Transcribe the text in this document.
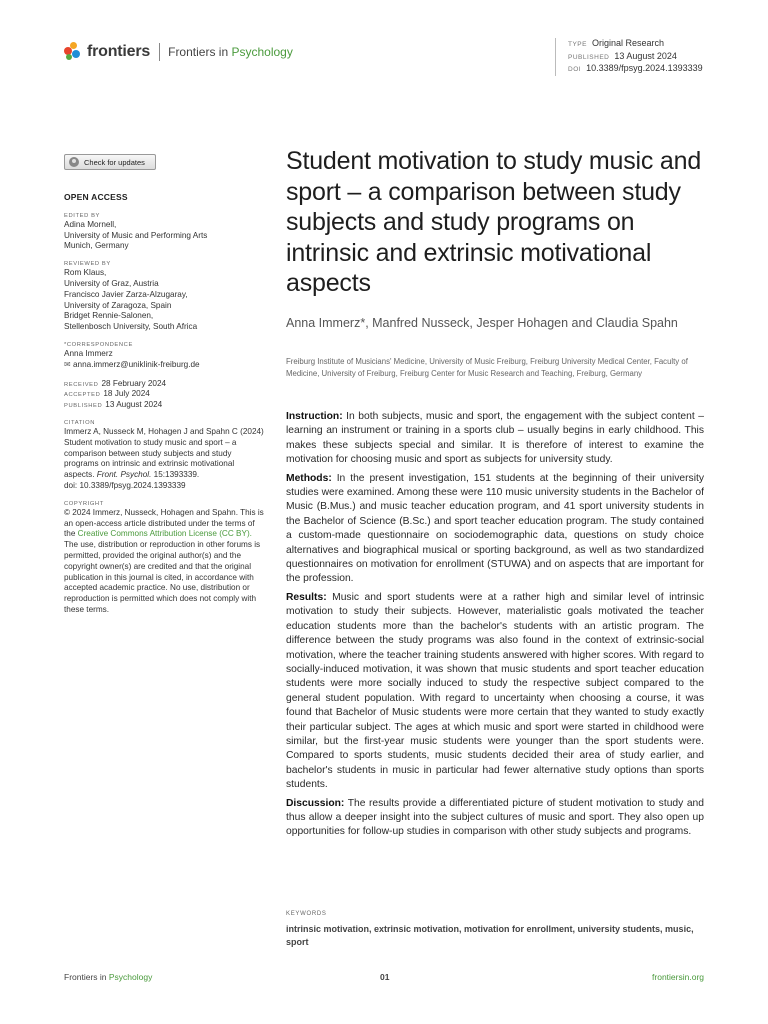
frontiers Frontiers in Psychology
TYPE Original Research
PUBLISHED 13 August 2024
DOI 10.3389/fpsyg.2024.1393339
Check for updates
OPEN ACCESS
EDITED BY
Adina Mornell,
University of Music and Performing Arts
Munich, Germany
REVIEWED BY
Rom Klaus,
University of Graz, Austria
Francisco Javier Zarza-Alzugaray,
University of Zaragoza, Spain
Bridget Rennie-Salonen,
Stellenbosch University, South Africa
*CORRESPONDENCE
Anna Immerz
✉ anna.immerz@uniklinik-freiburg.de
RECEIVED 28 February 2024
ACCEPTED 18 July 2024
PUBLISHED 13 August 2024
CITATION
Immerz A, Nusseck M, Hohagen J and Spahn C (2024) Student motivation to study music and sport – a comparison between study subjects and study programs on intrinsic and extrinsic motivational aspects. Front. Psychol. 15:1393339.
doi: 10.3389/fpsyg.2024.1393339
COPYRIGHT
© 2024 Immerz, Nusseck, Hohagen and Spahn. This is an open-access article distributed under the terms of the Creative Commons Attribution License (CC BY). The use, distribution or reproduction in other forums is permitted, provided the original author(s) and the copyright owner(s) are credited and that the original publication in this journal is cited, in accordance with accepted academic practice. No use, distribution or reproduction is permitted which does not comply with these terms.
Student motivation to study music and sport – a comparison between study subjects and study programs on intrinsic and extrinsic motivational aspects
Anna Immerz*, Manfred Nusseck, Jesper Hohagen and Claudia Spahn
Freiburg Institute of Musicians' Medicine, University of Music Freiburg, Freiburg University Medical Center, Faculty of Medicine, University of Freiburg, Freiburg Center for Music Research and Teaching, Freiburg, Germany

Instruction: In both subjects, music and sport, the engagement with the subject content – learning an instrument or training in a sports club – usually begins in early childhood. This makes these subjects special and similar. It is therefore of interest to examine the motivation for choosing music and sport as subjects for university study.

Methods: In the present investigation, 151 students at the beginning of their university studies were examined. Among these were 110 music university students in the Bachelor of Music (B.Mus.) and music teacher education program, and 41 sport university students in the Bachelor of Science (B.Sc.) and sport teacher education program. The study contained a custom-made questionnaire on sociodemographic data, questions on study choice alternatives and biographical musical or sporting background, as well as two standardized questionnaires on motivation for enrollment (STUWA) and on aspects that are important for the profession.

Results: Music and sport students were at a rather high and similar level of intrinsic motivation to study their subjects. However, materialistic goals motivated the teacher education students more than the bachelor's students with an artistic program. The difference between the study programs was also found in the context of extrinsic-social motivation, where the teacher training students answered with higher scores. With regard to socially-induced motivation, it was shown that music students and sport teacher education students were more socially induced to study the respective subject compared to the general student population. With regard to uncertainty when choosing a course, it was found that Bachelor of Music students were more certain that they wanted to study exactly their particular subject. The ages at which music and sport were started in childhood were similar, but the first-year music students were younger than the sport students were. Compared to sports students, music students decided their area of study earlier, and bachelor's students in music in particular had fewer alternative study options than sports students.

Discussion: The results provide a differentiated picture of student motivation to study and thus allow a deeper insight into the subject cultures of music and sport. They also open up opportunities for follow-up studies in comparison with other study subjects and programs.

KEYWORDS
intrinsic motivation, extrinsic motivation, motivation for enrollment, university students, music, sport
Frontiers in Psychology	01	frontiersin.org
